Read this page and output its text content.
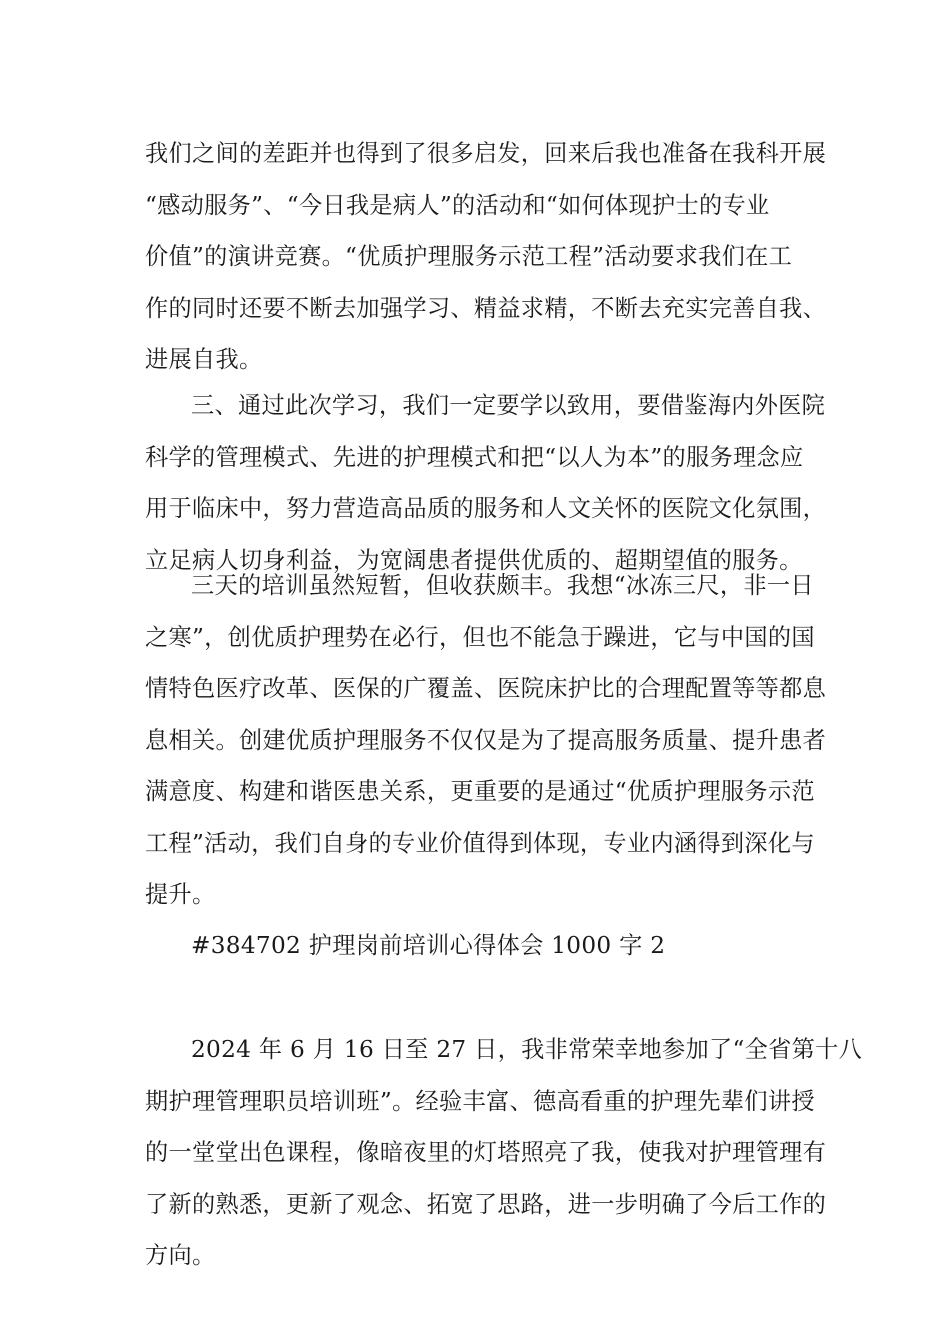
我们之间的差距并也得到了很多启发，回来后我也准备在我科开展
“感动服务”、“今日我是病人”的活动和“如何体现护士的专业
价值”的演讲竞赛。“优质护理服务示范工程”活动要求我们在工
作的同时还要不断去加强学习、精益求精，不断去充实完善自我、
进展自我。
三、通过此次学习，我们一定要学以致用，要借鉴海内外医院
科学的管理模式、先进的护理模式和把“以人为本”的服务理念应
用于临床中，努力营造高品质的服务和人文关怀的医院文化氛围，
立足病人切身利益，为宽阔患者提供优质的、超期望值的服务。
三天的培训虽然短暂，但收获颇丰。我想“冰冻三尺，非一日
之寒”，创优质护理势在必行，但也不能急于躁进，它与中国的国
情特色医疗改革、医保的广覆盖、医院床护比的合理配置等等都息
息相关。创建优质护理服务不仅仅是为了提高服务质量、提升患者
满意度、构建和谐医患关系，更重要的是通过“优质护理服务示范
工程”活动，我们自身的专业价值得到体现，专业内涵得到深化与
提升。
#384702 护理岗前培训心得体会 1000 字 2
2024 年 6 月 16 日至 27 日，我非常荣幸地参加了“全省第十八
期护理管理职员培训班”。经验丰富、德高看重的护理先辈们讲授
的一堂堂出色课程，像暗夜里的灯塔照亮了我，使我对护理管理有
了新的熟悉，更新了观念、拓宽了思路，进一步明确了今后工作的
方向。
